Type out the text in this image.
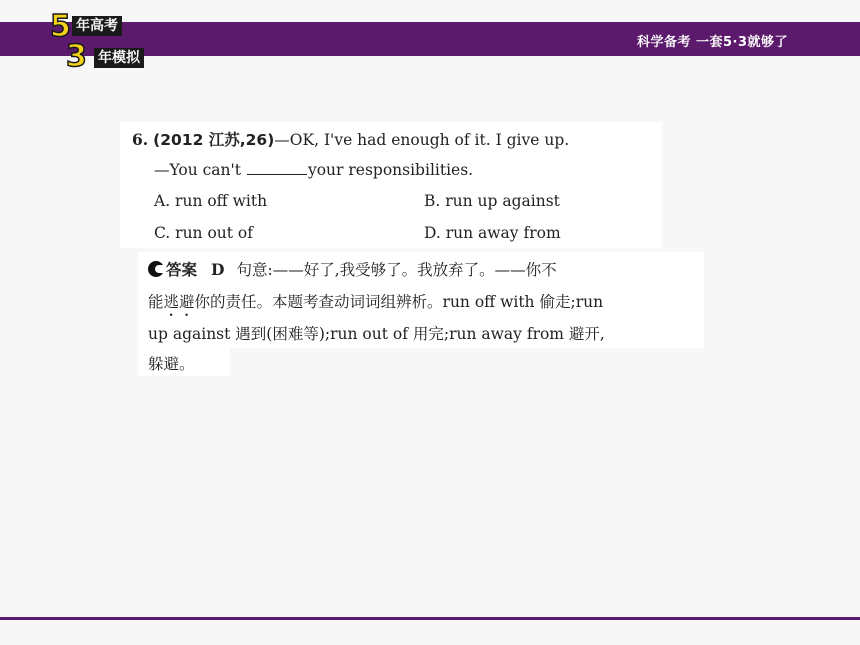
科学备考 一套5·3就够了
5 年高考
3 年模拟
6. (2012 江苏,26)—OK, I've had enough of it. I give up.
—You can't	your responsibilities.
A. run off with	B. run up against
C. run out of	D. run away from
答案 D 句意:——好了,我受够了。我放弃了。——你不
能逃避你的责任。本题考查动词词组辨析。run off with 偷走;run
up against 遇到(困难等);run out of 用完;run away from 避开,
躲避。
